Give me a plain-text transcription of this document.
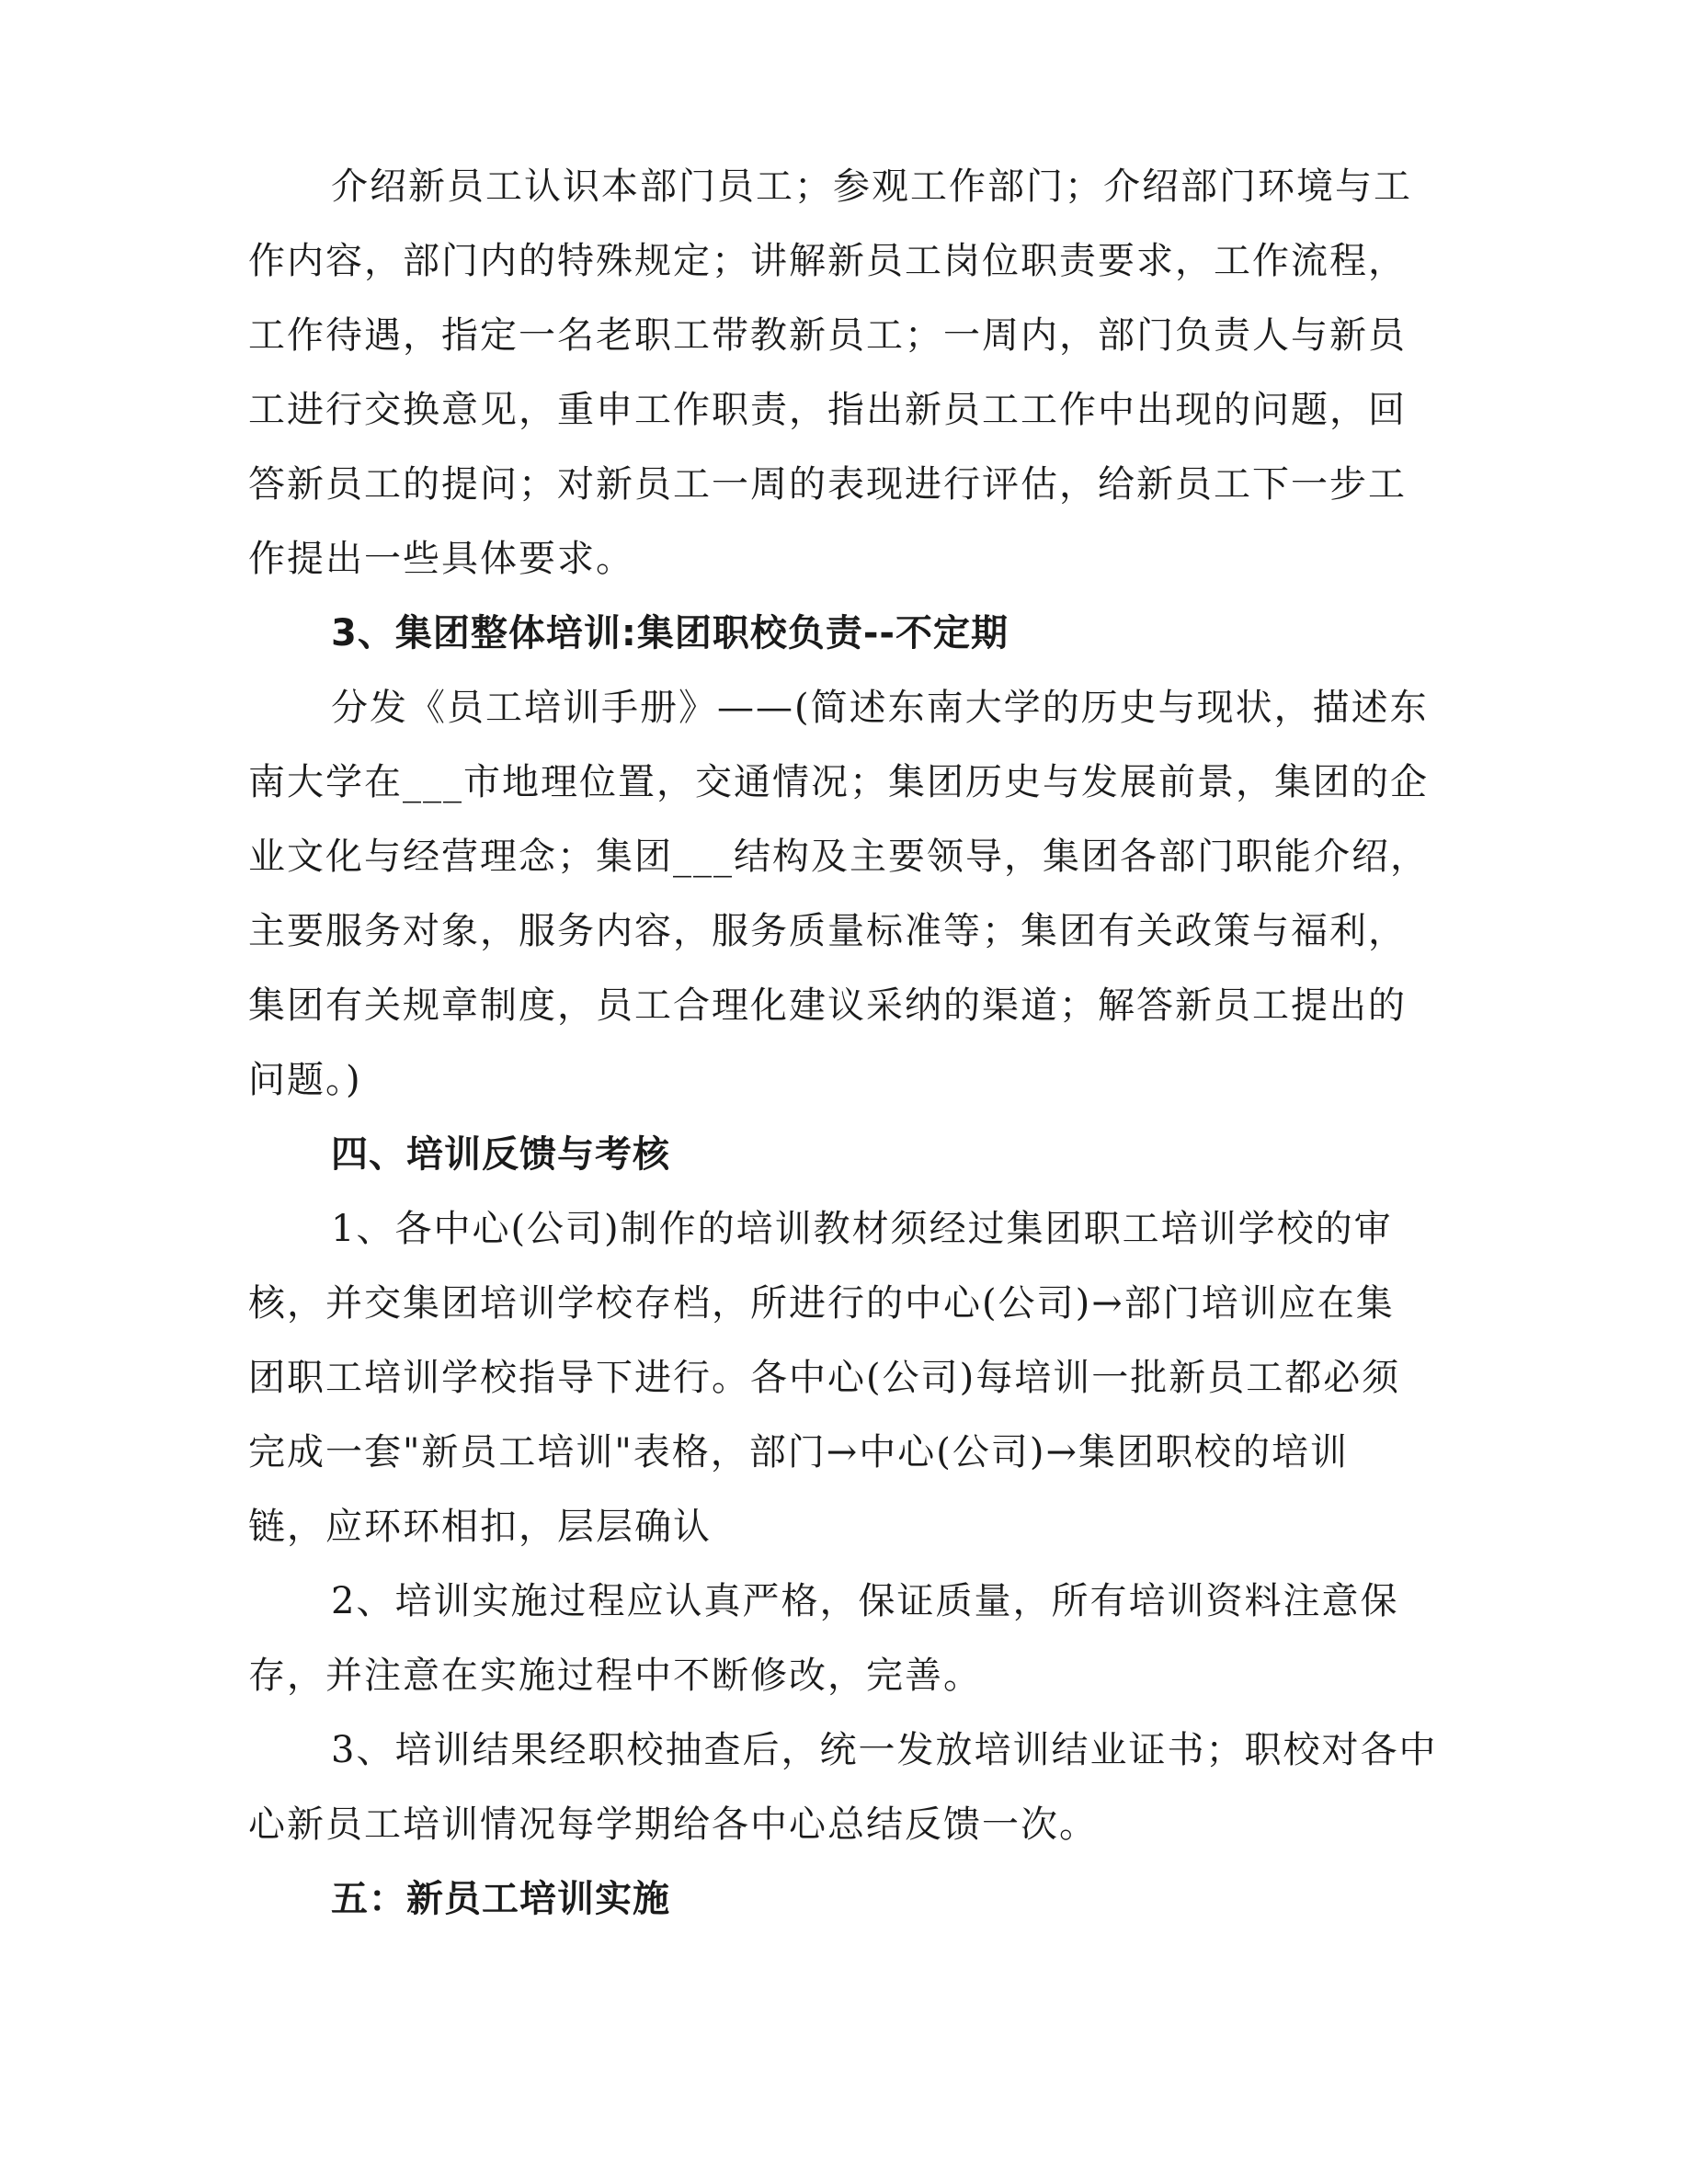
介绍新员工认识本部门员工；参观工作部门；介绍部门环境与工
作内容，部门内的特殊规定；讲解新员工岗位职责要求，工作流程，
工作待遇，指定一名老职工带教新员工；一周内，部门负责人与新员
工进行交换意见，重申工作职责，指出新员工工作中出现的问题，回
答新员工的提问；对新员工一周的表现进行评估，给新员工下一步工
作提出一些具体要求。
3、集团整体培训:集团职校负责--不定期
分发《员工培训手册》——(简述东南大学的历史与现状，描述东
南大学在___市地理位置，交通情况；集团历史与发展前景，集团的企
业文化与经营理念；集团___结构及主要领导，集团各部门职能介绍，
主要服务对象，服务内容，服务质量标准等；集团有关政策与福利，
集团有关规章制度，员工合理化建议采纳的渠道；解答新员工提出的
问题。)
四、培训反馈与考核
1、各中心(公司)制作的培训教材须经过集团职工培训学校的审
核，并交集团培训学校存档，所进行的中心(公司)→部门培训应在集
团职工培训学校指导下进行。各中心(公司)每培训一批新员工都必须
完成一套"新员工培训"表格，部门→中心(公司)→集团职校的培训
链，应环环相扣，层层确认
2、培训实施过程应认真严格，保证质量，所有培训资料注意保
存，并注意在实施过程中不断修改，完善。
3、培训结果经职校抽查后，统一发放培训结业证书；职校对各中
心新员工培训情况每学期给各中心总结反馈一次。
五：新员工培训实施
